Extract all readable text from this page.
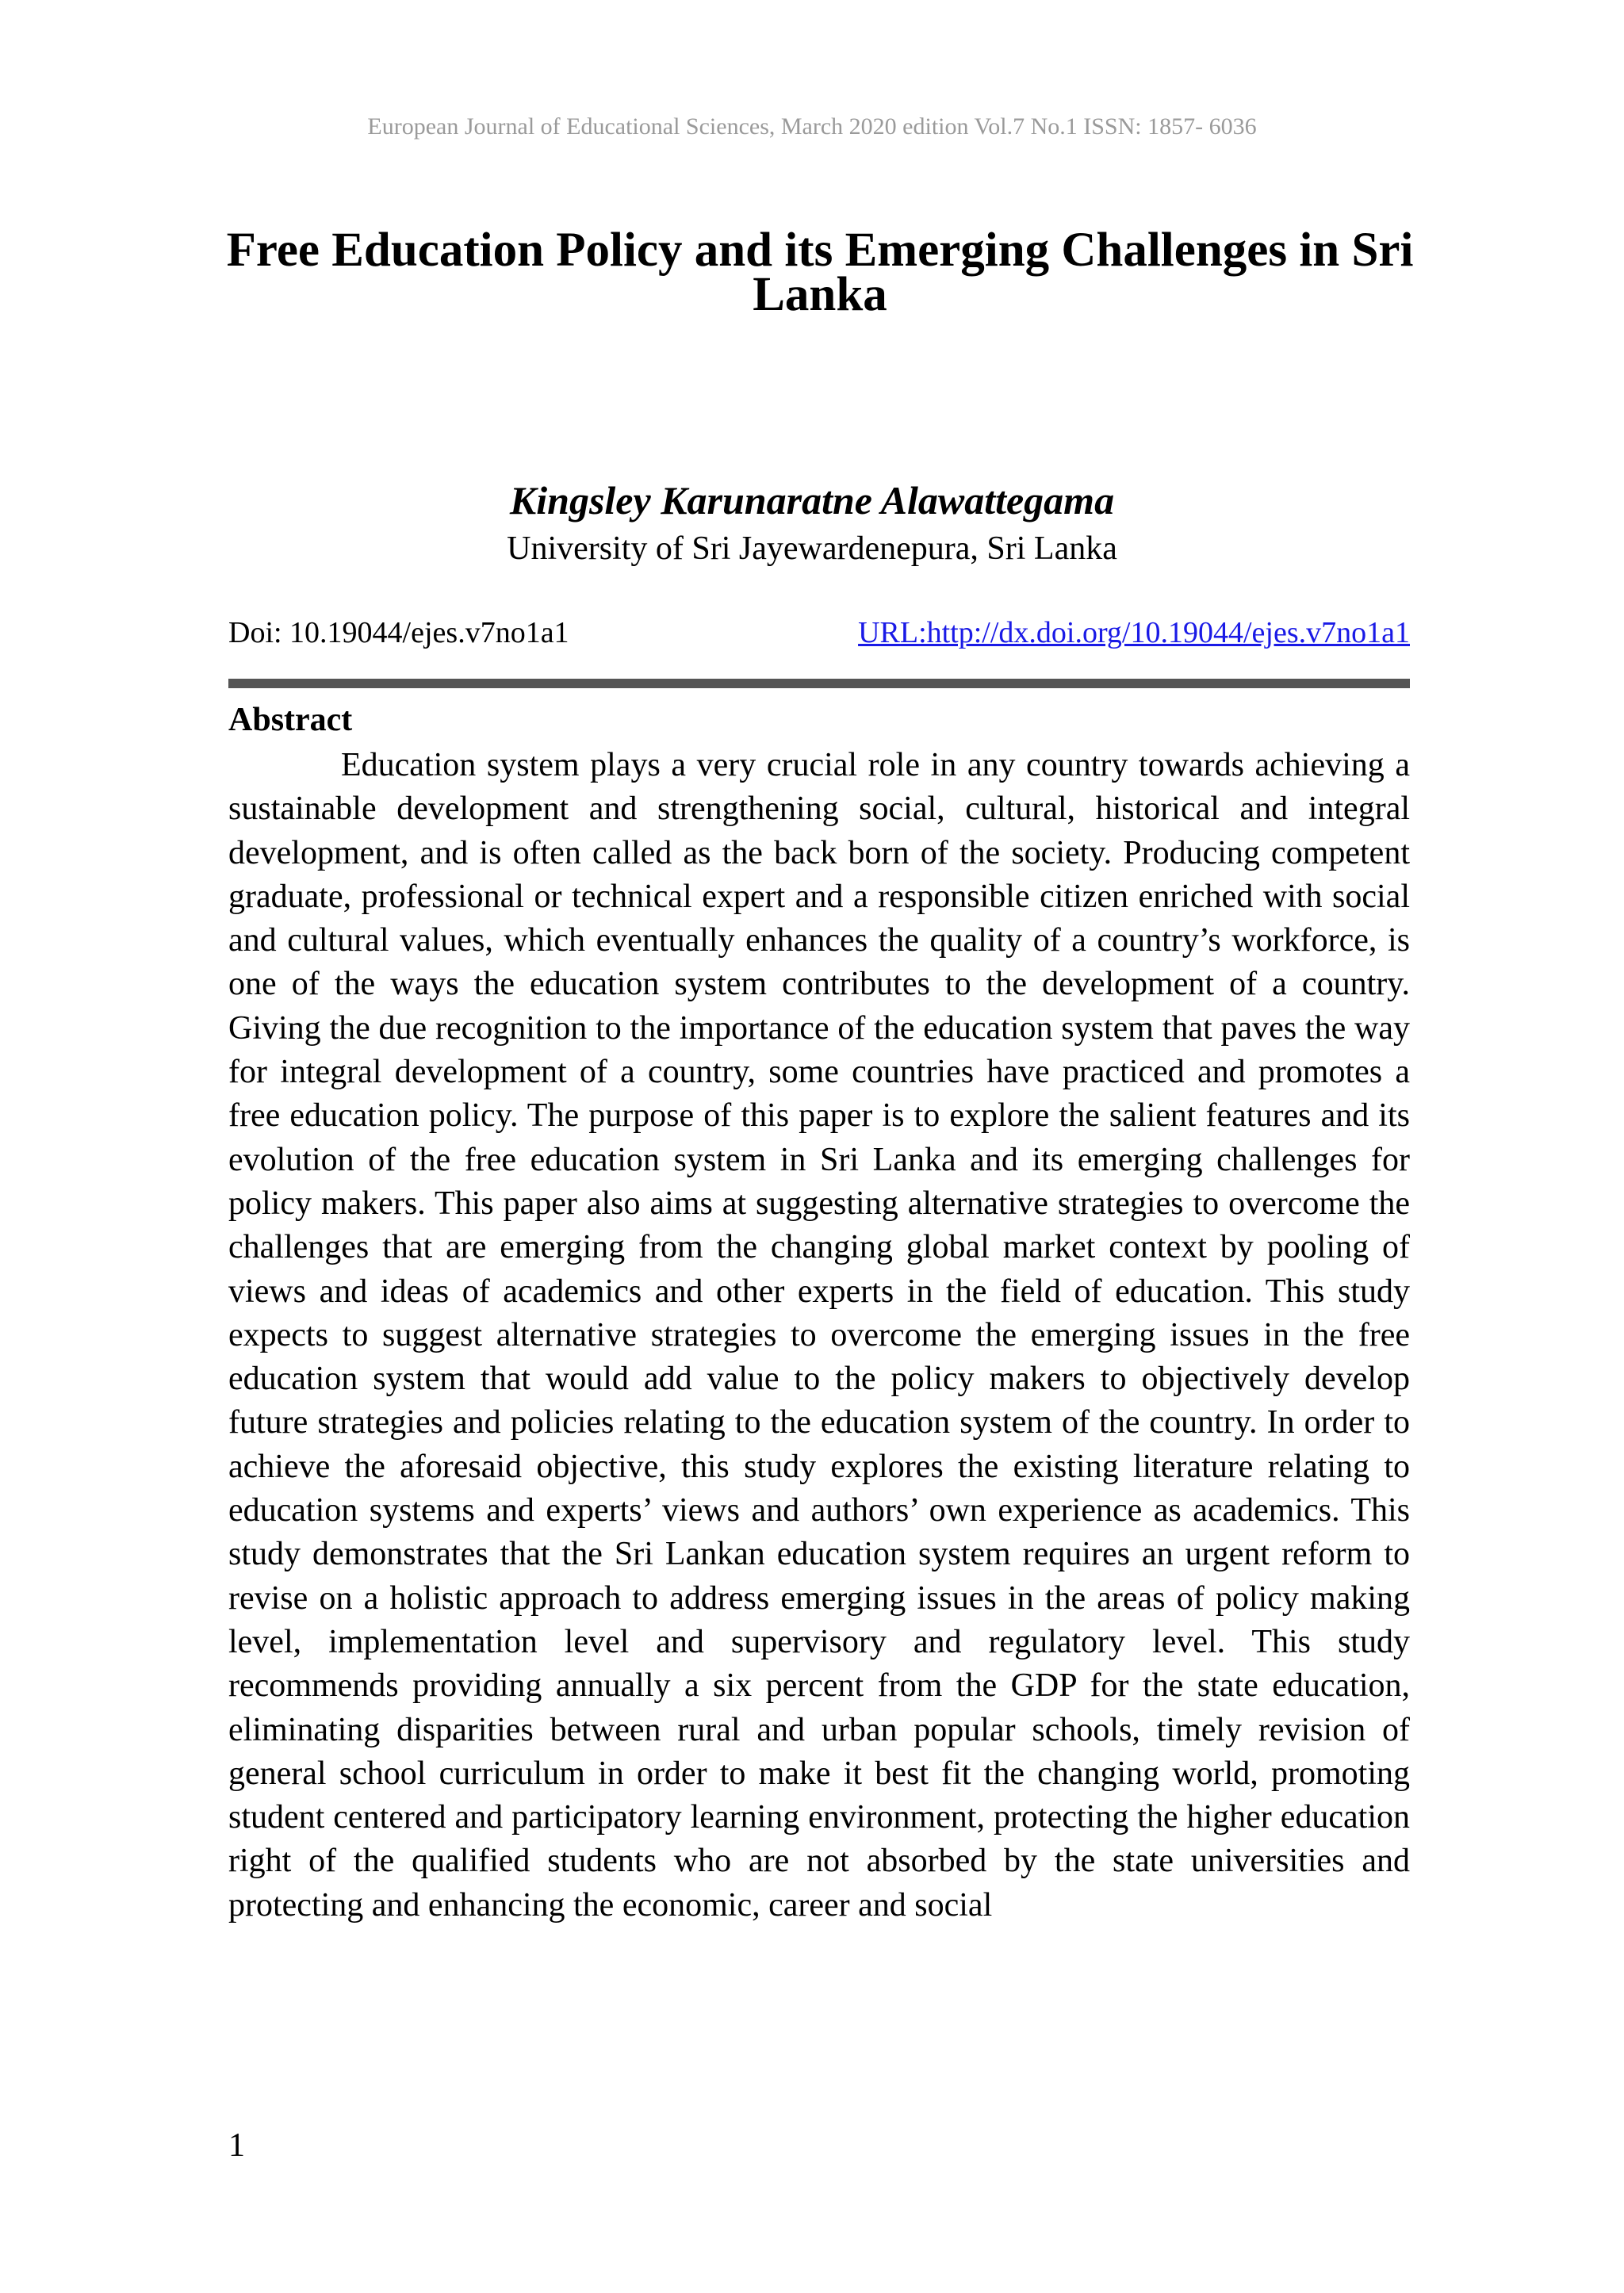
European Journal of Educational Sciences, March 2020 edition Vol.7 No.1 ISSN: 1857- 6036
Free Education Policy and its Emerging Challenges in Sri Lanka
Kingsley Karunaratne Alawattegama
University of Sri Jayewardenepura, Sri Lanka
Doi: 10.19044/ejes.v7no1a1	URL:http://dx.doi.org/10.19044/ejes.v7no1a1
Abstract

Education system plays a very crucial role in any country towards achieving a sustainable development and strengthening social, cultural, historical and integral development, and is often called as the back born of the society. Producing competent graduate, professional or technical expert and a responsible citizen enriched with social and cultural values, which eventually enhances the quality of a country’s workforce, is one of the ways the education system contributes to the development of a country. Giving the due recognition to the importance of the education system that paves the way for integral development of a country, some countries have practiced and promotes a free education policy. The purpose of this paper is to explore the salient features and its evolution of the free education system in Sri Lanka and its emerging challenges for policy makers. This paper also aims at suggesting alternative strategies to overcome the challenges that are emerging from the changing global market context by pooling of views and ideas of academics and other experts in the field of education. This study expects to suggest alternative strategies to overcome the emerging issues in the free education system that would add value to the policy makers to objectively develop future strategies and policies relating to the education system of the country. In order to achieve the aforesaid objective, this study explores the existing literature relating to education systems and experts’ views and authors’ own experience as academics. This study demonstrates that the Sri Lankan education system requires an urgent reform to revise on a holistic approach to address emerging issues in the areas of policy making level, implementation level and supervisory and regulatory level. This study recommends providing annually a six percent from the GDP for the state education, eliminating disparities between rural and urban popular schools, timely revision of general school curriculum in order to make it best fit the changing world, promoting student centered and participatory learning environment, protecting the higher education right of the qualified students who are not absorbed by the state universities and protecting and enhancing the economic, career and social

1
